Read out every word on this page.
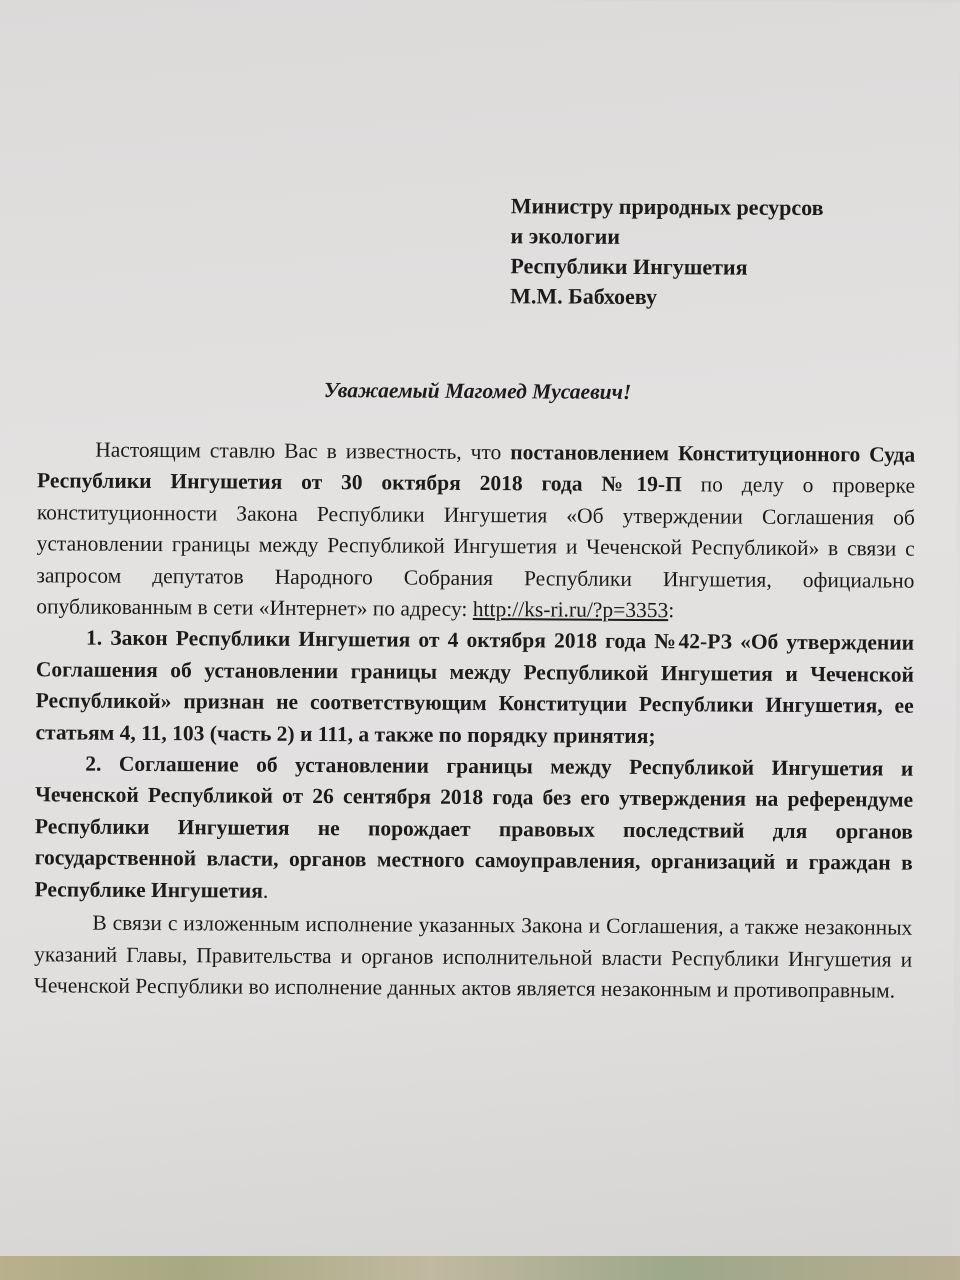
Министру природных ресурсов
и экологии
Республики Ингушетия
М.М. Бабхоеву
Уважаемый Магомед Мусаевич!

Настоящим ставлю Вас в известность, что постановлением Конституционного Суда Республики Ингушетия от 30 октября 2018 года №19-П по делу о проверке конституционности Закона Республики Ингушетия «Об утверждении Соглашения об установлении границы между Республикой Ингушетия и Чеченской Республикой» в связи с запросом депутатов Народного Собрания Республики Ингушетия, официально опубликованным в сети «Интернет» по адресу: http://ks-ri.ru/?p=3353:

1. Закон Республики Ингушетия от 4 октября 2018 года №42-РЗ «Об утверждении Соглашения об установлении границы между Республикой Ингушетия и Чеченской Республикой» признан не соответствующим Конституции Республики Ингушетия, ее статьям 4, 11, 103 (часть 2) и 111, а также по порядку принятия;

2. Соглашение об установлении границы между Республикой Ингушетия и Чеченской Республикой от 26 сентября 2018 года без его утверждения на референдуме Республики Ингушетия не порождает правовых последствий для органов государственной власти, органов местного самоуправления, организаций и граждан в Республике Ингушетия.

В связи с изложенным исполнение указанных Закона и Соглашения, а также незаконных указаний Главы, Правительства и органов исполнительной власти Республики Ингушетия и Чеченской Республики во исполнение данных актов является незаконным и противоправным.
